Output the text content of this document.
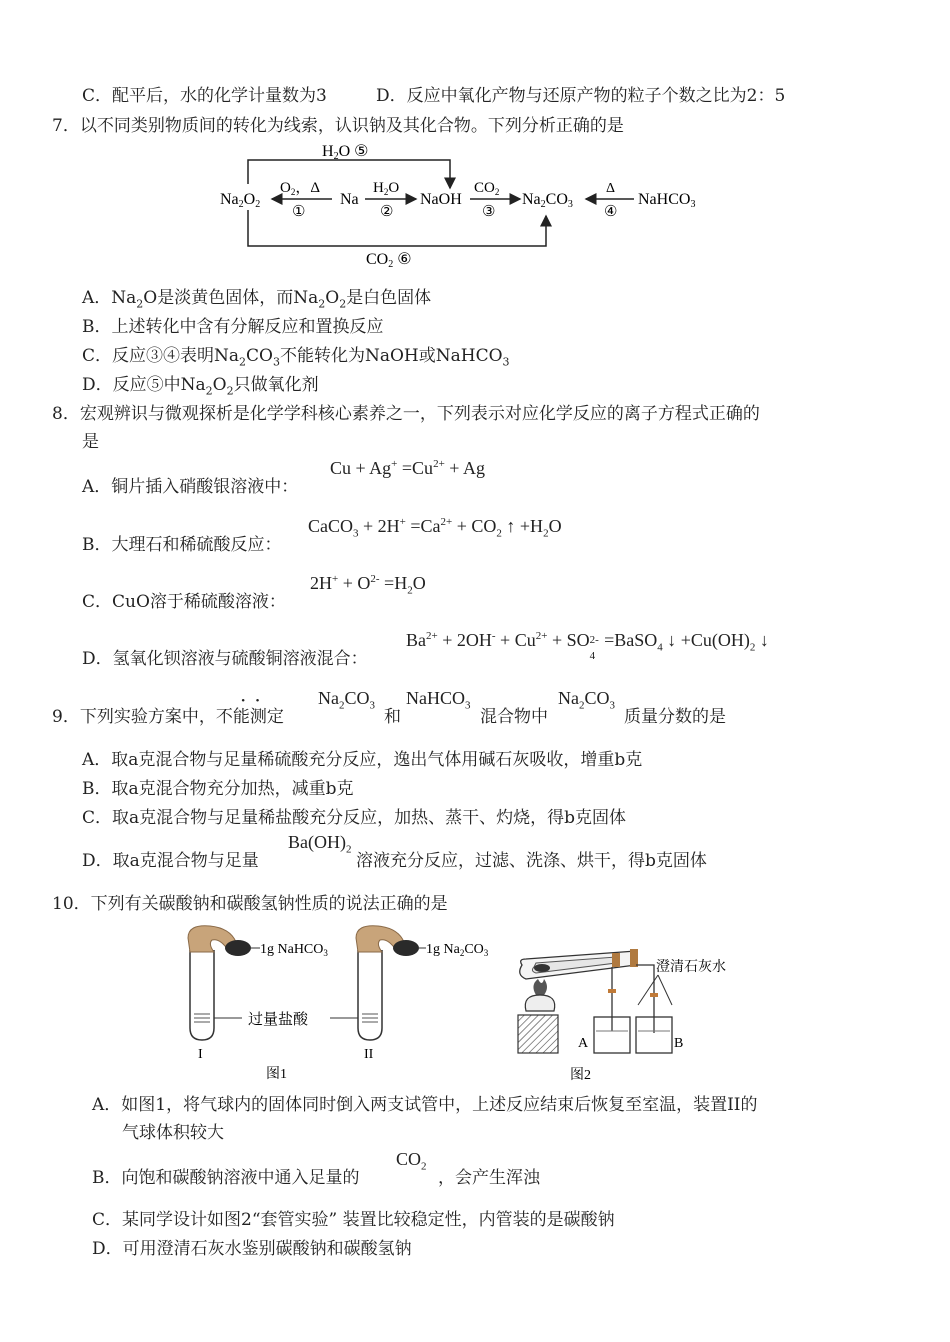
C．配平后，水的化学计量数为3	D．反应中氧化产物与还原产物的粒子个数之比为2：5
7．以不同类别物质间的转化为线索，认识钠及其化合物。下列分析正确的是
H2O ⑤
Na2O2
$O_2$，Δ
①
Na
$H_2O$
②
NaOH
$CO_2$
③
Na2CO3
Δ
④
NaHCO3
CO2 ⑥
A．$Na_2O$是淡黄色固体，而$Na_2O_2$是白色固体
B．上述转化中含有分解反应和置换反应
C．反应③④表明$Na_2CO_3$不能转化为NaOH或NaHCO$_3$
D．反应⑤中$Na_2O_2$只做氧化剂
8．宏观辨识与微观探析是化学学科核心素养之一，下列表示对应化学反应的离子方程式正确的
是
A．铜片插入硝酸银溶液中：
$Cu + Ag^+ =Cu^{2+} + Ag$
B．大理石和稀硫酸反应：
CaCO$_3$ + $2H^+ =Ca^{2+} + CO_2$ ↑ $+H_2O$
C．CuO溶于稀硫酸溶液：
$2H^+ + O^{2-} =H_2O$
D．氢氧化钡溶液与硫酸铜溶液混合：
$Ba^{2+} + 2OH^- + Cu^{2+}$ + SO 2-
4
=BaSO$_4$ ↓ $+Cu(OH)_2$ ↓
··
9．下列实验方案中，不能测定
$Na_2CO_3$
和
NaHCO$_3$
混合物中
$Na_2CO_3$
质量分数的是
A．取a克混合物与足量稀硫酸充分反应，逸出气体用碱石灰吸收，增重b克
B．取a克混合物充分加热，减重b克
C．取a克混合物与足量稀盐酸充分反应，加热、蒸干、灼烧，得b克固体
D．取a克混合物与足量
$Ba(OH)_2$
溶液充分反应，过滤、洗涤、烘干，得b克固体
10．下列有关碳酸钠和碳酸氢钠性质的说法正确的是
1g NaHCO$_3$	1g $Na_2CO_3$
过量盐酸
I	II
图1
澄清石灰水
A	B
图2
A．如图1，将气球内的固体同时倒入两支试管中，上述反应结束后恢复至室温，装置II的
气球体积较大
B．向饱和碳酸钠溶液中通入足量的
$CO_2$
，会产生浑浊
C．某同学设计如图2“套管实验” 装置比较稳定性，内管装的是碳酸钠
D．可用澄清石灰水鉴别碳酸钠和碳酸氢钠
